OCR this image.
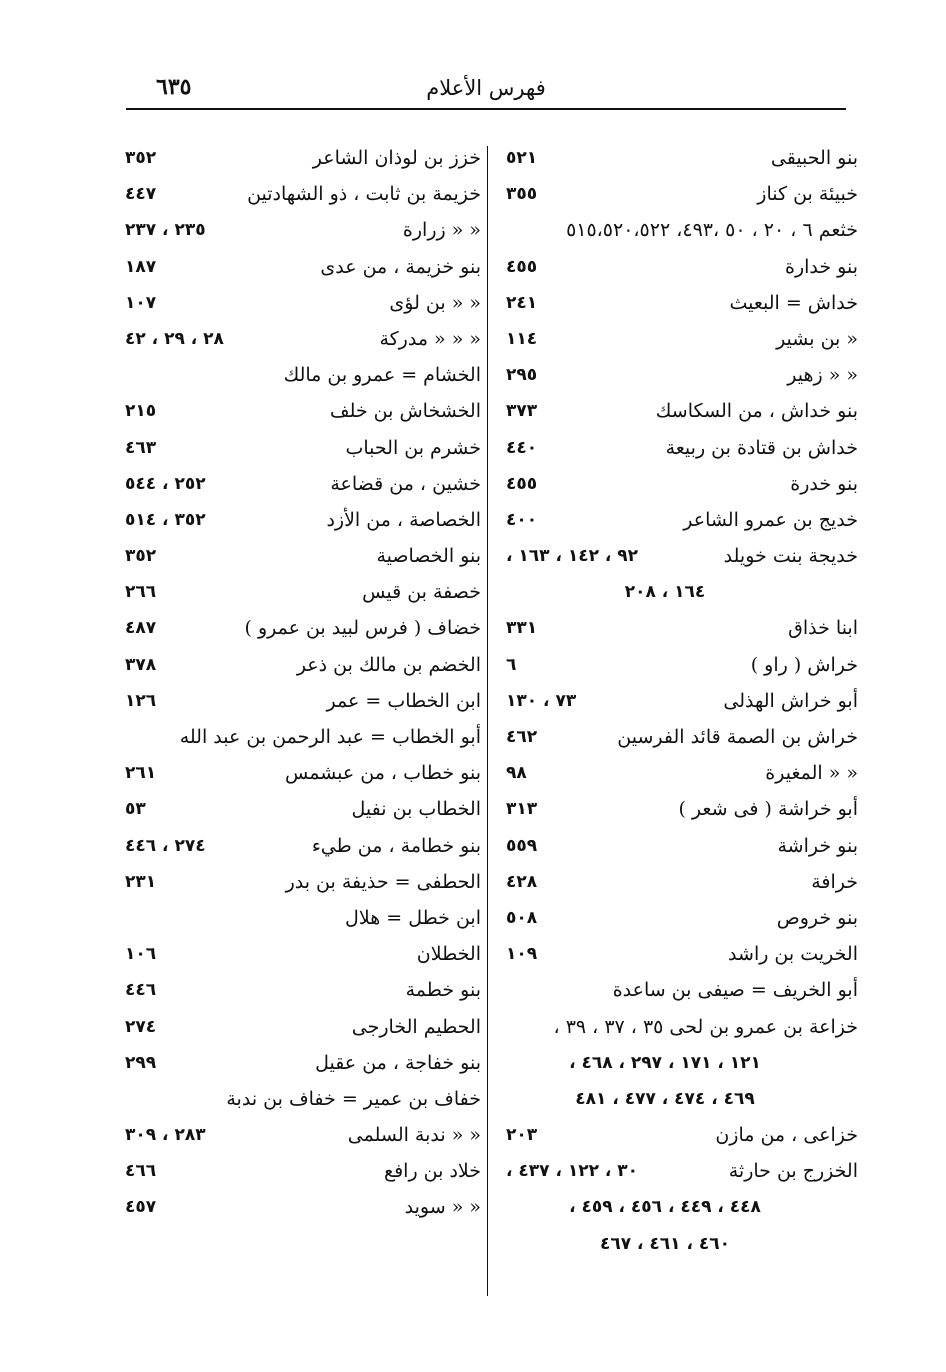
٦٣٥	فهرس الأعلام
بنو الحبيقى
٥٢١
خبيئة بن كناز
٣٥٥
خثعم ٦ ، ٢٠ ، ٥٠ ،٤٩٣، ٥١٥،٥٢٠،٥٢٢
بنو خدارة
٤٥٥
خداش = البعيث
٢٤١
« بن بشير
١١٤
« « زهير
٢٩٥
بنو خداش ، من السكاسك
٣٧٣
خداش بن قتادة بن ربيعة
٤٤٠
بنو خدرة
٤٥٥
خديج بن عمرو الشاعر
٤٠٠
خديجة بنت خويلد
٩٢ ، ١٤٢ ، ١٦٣ ،
١٦٤ ، ٢٠٨
ابنا خذاق
٣٣١
خراش ( راو )
٦
أبو خراش الهذلى
٧٣ ، ١٣٠
خراش بن الصمة قائد الفرسين
٤٦٢
« « المغيرة
٩٨
أبو خراشة ( فى شعر )
٣١٣
بنو خراشة
٥٥٩
خرافة
٤٢٨
بنو خروص
٥٠٨
الخريت بن راشد
١٠٩
أبو الخريف = صيفى بن ساعدة
خزاعة بن عمرو بن لحى ٣٥ ، ٣٧ ، ٣٩ ،
١٢١ ، ١٧١ ، ٢٩٧ ، ٤٦٨ ،
٤٦٩ ، ٤٧٤ ، ٤٧٧ ، ٤٨١
خزاعى ، من مازن
٢٠٣
الخزرج بن حارثة
٣٠ ، ١٢٢ ، ٤٣٧ ،
٤٤٨ ، ٤٤٩ ، ٤٥٦ ، ٤٥٩ ،
٤٦٠ ، ٤٦١ ، ٤٦٧
خزز بن لوذان الشاعر
٣٥٢
خزيمة بن ثابت ، ذو الشهادتين
٤٤٧
« « زرارة
٢٣٥ ، ٢٣٧
بنو خزيمة ، من عدى
١٨٧
« « بن لؤى
١٠٧
« « « مدركة
٢٨ ، ٢٩ ، ٤٢
الخشام = عمرو بن مالك
الخشخاش بن خلف
٢١٥
خشرم بن الحباب
٤٦٣
خشين ، من قضاعة
٢٥٢ ، ٥٤٤
الخصاصة ، من الأزد
٣٥٢ ، ٥١٤
بنو الخصاصية
٣٥٢
خصفة بن قيس
٢٦٦
خضاف ( فرس لبيد بن عمرو )
٤٨٧
الخضم بن مالك بن ذعر
٣٧٨
ابن الخطاب = عمر
١٢٦
أبو الخطاب = عبد الرحمن بن عبد الله
بنو خطاب ، من عبشمس
٢٦١
الخطاب بن نفيل
٥٣
بنو خطامة ، من طيء
٢٧٤ ، ٤٤٦
الحطفى = حذيفة بن بدر
٢٣١
ابن خطل = هلال
الخطلان
١٠٦
بنو خطمة
٤٤٦
الحطيم الخارجى
٢٧٤
بنو خفاجة ، من عقيل
٢٩٩
خفاف بن عمير = خفاف بن ندبة
« « ندبة السلمى
٢٨٣ ، ٣٠٩
خلاد بن رافع
٤٦٦
« « سويد
٤٥٧
